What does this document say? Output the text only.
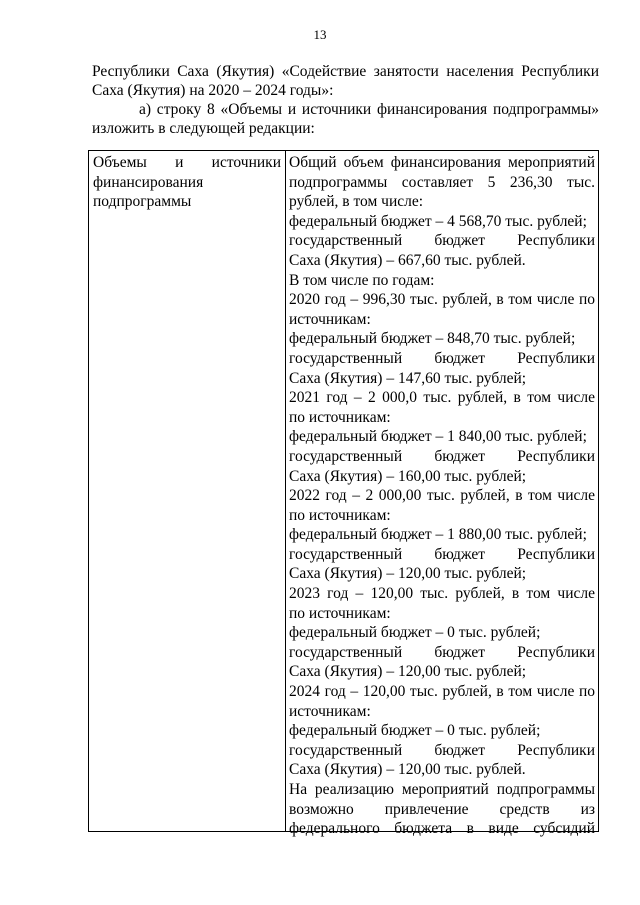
13
Республики Саха (Якутия) «Содействие занятости населения Республики
Саха (Якутия) на 2020 – 2024 годы»:
а) строку 8 «Объемы и источники финансирования подпрограммы»
изложить в следующей редакции:
Объемы и источники
финансирования
подпрограммы
Общий объем финансирования мероприятий
подпрограммы составляет 5 236,30 тыс.
рублей, в том числе:
федеральный бюджет – 4 568,70 тыс. рублей;
государственный бюджет Республики
Саха (Якутия) – 667,60 тыс. рублей.
В том числе по годам:
2020 год – 996,30 тыс. рублей, в том числе по
источникам:
федеральный бюджет – 848,70 тыс. рублей;
государственный бюджет Республики
Саха (Якутия) – 147,60 тыс. рублей;
2021 год – 2 000,0 тыс. рублей, в том числе
по источникам:
федеральный бюджет – 1 840,00 тыс. рублей;
государственный бюджет Республики
Саха (Якутия) – 160,00 тыс. рублей;
2022 год – 2 000,00 тыс. рублей, в том числе
по источникам:
федеральный бюджет – 1 880,00 тыс. рублей;
государственный бюджет Республики
Саха (Якутия) – 120,00 тыс. рублей;
2023 год – 120,00 тыс. рублей, в том числе
по источникам:
федеральный бюджет – 0 тыс. рублей;
государственный бюджет Республики
Саха (Якутия) – 120,00 тыс. рублей;
2024 год – 120,00 тыс. рублей, в том числе по
источникам:
федеральный бюджет – 0 тыс. рублей;
государственный бюджет Республики
Саха (Якутия) – 120,00 тыс. рублей.
На реализацию мероприятий подпрограммы
возможно привлечение средств из
федерального бюджета в виде субсидий
